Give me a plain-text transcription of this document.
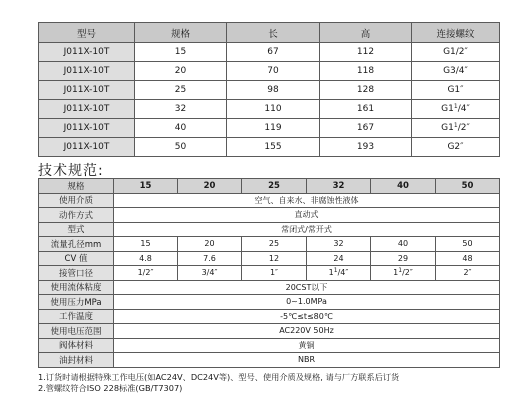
型号	规格	长	高	连接螺纹
J011X-10T	15	67	112	G1/2″
J011X-10T	20	70	118	G3/4″
J011X-10T	25	98	128	G1″
J011X-10T	32	110	161	$G1^1/4''$
J011X-10T	40	119	167	$G1^1/2''$
J011X-10T	50	155	193	G2″
技术规范:
规格	15	20	25	32	40	50
使用介质	空气、自来水、非腐蚀性液体					
动作方式	直动式					
型式	常闭式/常开式					
流量孔径mm	15	20	25	32	40	50
CV 值	4.8	7.6	12	24	29	48
接管口径	1/2″	3/4″	1″	$1^1/4''$	$1^1/2''$	2″
使用流体粘度	20CST以下					
使用压力MPa	0~1.0MPa					
工作温度	-5℃≤t≤80℃					
使用电压范围	AC220V 50Hz					
阀体材料	黄铜					
油封材料	NBR					
1.订货时请根据特殊工作电压(如AC24V、DC24V等)、型号、使用介质及规格, 请与厂方联系后订货
2.管螺纹符合ISO 228标准(GB/T7307)
